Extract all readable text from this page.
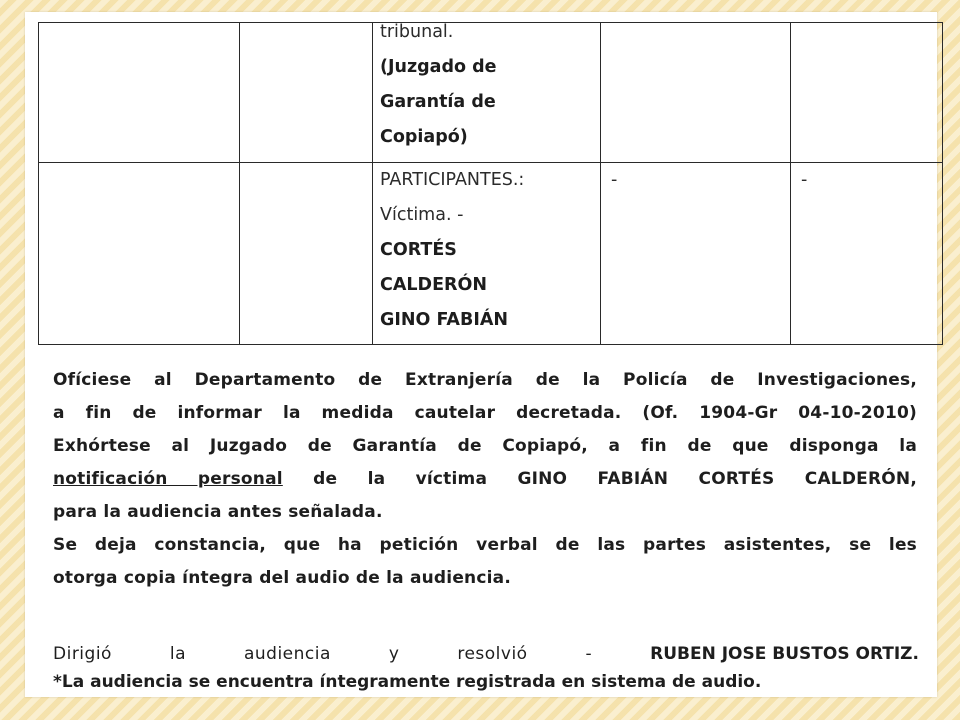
		tribunal.
(Juzgado de
Garantía de
Copiapó)		

		PARTICIPANTES.:
Víctima. -
CORTÉS
CALDERÓN
GINO FABIÁN	-	-

Ofíciese al Departamento de Extranjería de la Policía de Investigaciones,

a fin de informar la medida cautelar decretada. (Of. 1904-Gr 04-10-2010)

Exhórtese al Juzgado de Garantía de Copiapó, a fin de que disponga la

notificación personal de la víctima GINO FABIÁN CORTÉS CALDERÓN,

para la audiencia antes señalada.

Se deja constancia, que ha petición verbal de las partes asistentes, se les

otorga copia íntegra del audio de la audiencia.

Dirigió	la	audiencia	y	resolvió	-	RUBEN JOSE BUSTOS ORTIZ.
*La audiencia se encuentra íntegramente registrada en sistema de audio.
